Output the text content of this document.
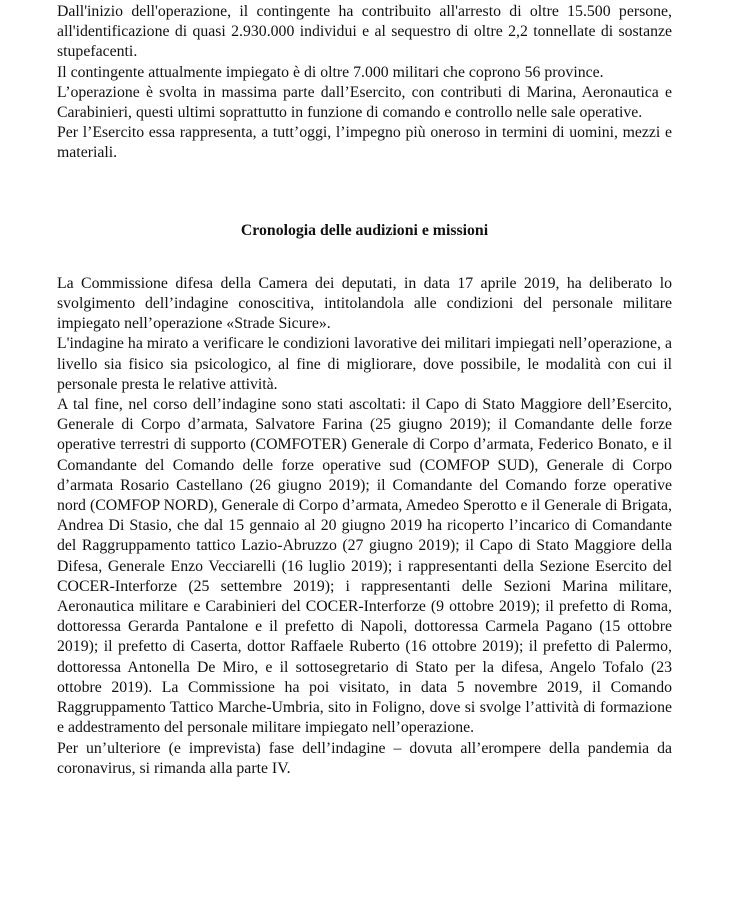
Dall'inizio dell'operazione, il contingente ha contribuito all'arresto di oltre 15.500 persone, all'identificazione di quasi 2.930.000 individui e al sequestro di oltre 2,2 tonnellate di sostanze stupefacenti.

Il contingente attualmente impiegato è di oltre 7.000 militari che coprono 56 province.

L’operazione è svolta in massima parte dall’Esercito, con contributi di Marina, Aeronautica e Carabinieri, questi ultimi soprattutto in funzione di comando e controllo nelle sale operative.

Per l’Esercito essa rappresenta, a tutt’oggi, l’impegno più oneroso in termini di uomini, mezzi e materiali.

Cronologia delle audizioni e missioni

La Commissione difesa della Camera dei deputati, in data 17 aprile 2019, ha deliberato lo svolgimento dell’indagine conoscitiva, intitolandola alle condizioni del personale militare impiegato nell’operazione «Strade Sicure».

L'indagine ha mirato a verificare le condizioni lavorative dei militari impiegati nell’operazione, a livello sia fisico sia psicologico, al fine di migliorare, dove possibile, le modalità con cui il personale presta le relative attività.

A tal fine, nel corso dell’indagine sono stati ascoltati: il Capo di Stato Maggiore dell’Esercito, Generale di Corpo d’armata, Salvatore Farina (25 giugno 2019); il Comandante delle forze operative terrestri di supporto (COMFOTER) Generale di Corpo d’armata, Federico Bonato, e il Comandante del Comando delle forze operative sud (COMFOP SUD), Generale di Corpo d’armata Rosario Castellano (26 giugno 2019); il Comandante del Comando forze operative nord (COMFOP NORD), Generale di Corpo d’armata, Amedeo Sperotto e il Generale di Brigata, Andrea Di Stasio, che dal 15 gennaio al 20 giugno 2019 ha ricoperto l’incarico di Comandante del Raggruppamento tattico Lazio-Abruzzo (27 giugno 2019); il Capo di Stato Maggiore della Difesa, Generale Enzo Vecciarelli (16 luglio 2019); i rappresentanti della Sezione Esercito del COCER-Interforze (25 settembre 2019); i rappresentanti delle Sezioni Marina militare, Aeronautica militare e Carabinieri del COCER-Interforze (9 ottobre 2019); il prefetto di Roma, dottoressa Gerarda Pantalone e il prefetto di Napoli, dottoressa Carmela Pagano (15 ottobre 2019); il prefetto di Caserta, dottor Raffaele Ruberto (16 ottobre 2019); il prefetto di Palermo, dottoressa Antonella De Miro, e il sottosegretario di Stato per la difesa, Angelo Tofalo (23 ottobre 2019). La Commissione ha poi visitato, in data 5 novembre 2019, il Comando Raggruppamento Tattico Marche-Umbria, sito in Foligno, dove si svolge l’attività di formazione e addestramento del personale militare impiegato nell’operazione.

Per un’ulteriore (e imprevista) fase dell’indagine – dovuta all’erompere della pandemia da coronavirus, si rimanda alla parte IV.
